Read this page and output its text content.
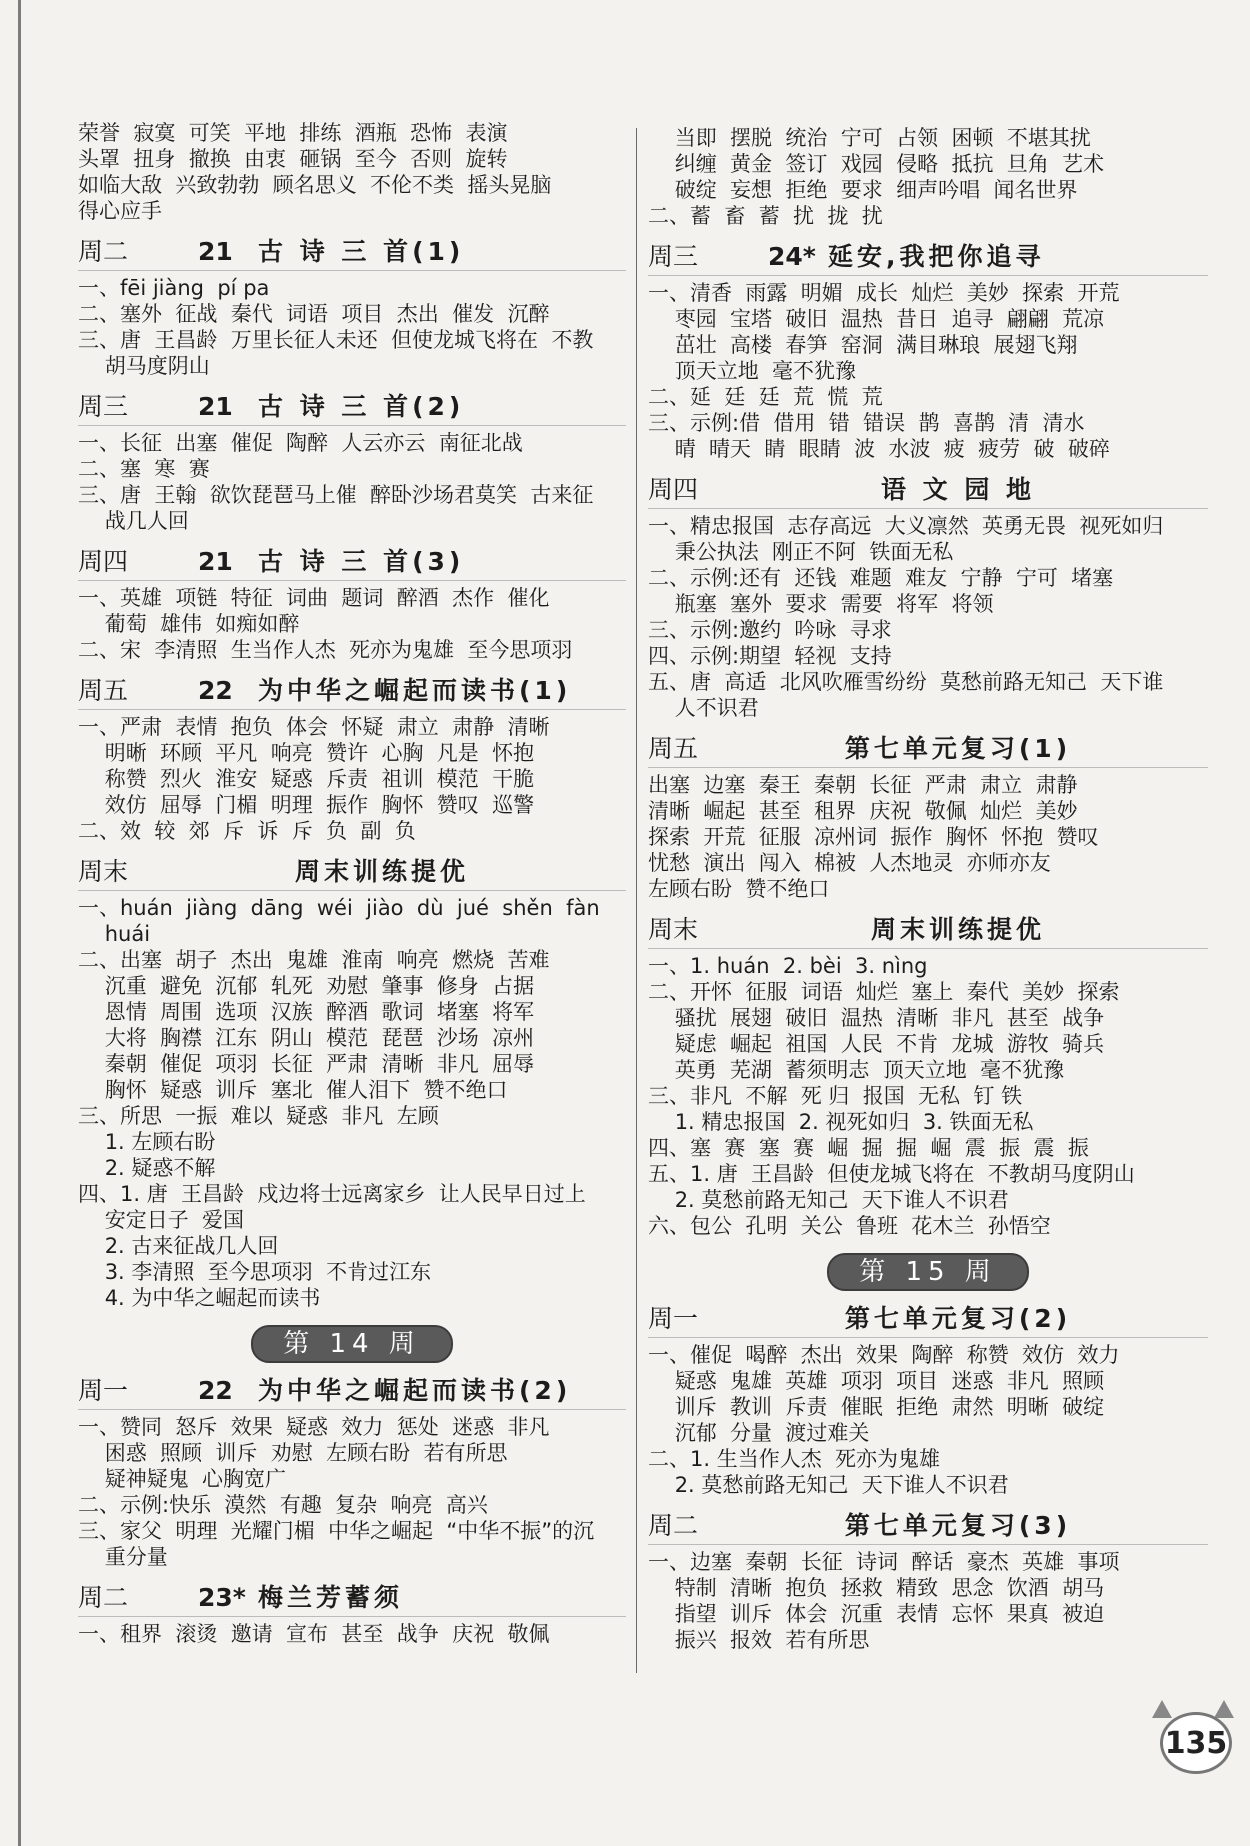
荣誉  寂寞  可笑  平地  排练  酒瓶  恐怖  表演
头罩  扭身  撤换  由衷  砸锅  至今  否则  旋转
如临大敌  兴致勃勃  顾名思义  不伦不类  摇头晃脑
得心应手
周二	21	古 诗 三 首(1)
一、fēi jiàng  pí pa
二、塞外  征战  秦代  词语  项目  杰出  催发  沉醉
三、唐  王昌龄  万里长征人未还  但使龙城飞将在  不教
胡马度阴山
周三	21	古 诗 三 首(2)
一、长征  出塞  催促  陶醉  人云亦云  南征北战
二、塞  寒  赛
三、唐  王翰  欲饮琵琶马上催  醉卧沙场君莫笑  古来征
战几人回
周四	21	古 诗 三 首(3)
一、英雄  项链  特征  词曲  题词  醉酒  杰作  催化
葡萄  雄伟  如痴如醉
二、宋  李清照  生当作人杰  死亦为鬼雄  至今思项羽
周五	22	为中华之崛起而读书(1)
一、严肃  表情  抱负  体会  怀疑  肃立  肃静  清晰
明晰  环顾  平凡  响亮  赞许  心胸  凡是  怀抱
称赞  烈火  淮安  疑惑  斥责  祖训  模范  干脆
效仿  屈辱  门楣  明理  振作  胸怀  赞叹  巡警
二、效  较  郊  斥  诉  斥  负  副  负
周末	周末训练提优
一、huán  jiàng  dāng  wéi  jiào  dù  jué  shěn  fàn
huái
二、出塞  胡子  杰出  鬼雄  淮南  响亮  燃烧  苦难
沉重  避免  沉郁  轧死  劝慰  肇事  修身  占据
恩情  周围  选项  汉族  醉酒  歌词  堵塞  将军
大将  胸襟  江东  阴山  模范  琵琶  沙场  凉州
秦朝  催促  项羽  长征  严肃  清晰  非凡  屈辱
胸怀  疑惑  训斥  塞北  催人泪下  赞不绝口
三、所思  一振  难以  疑惑  非凡  左顾
1. 左顾右盼
2. 疑惑不解
四、1. 唐  王昌龄  戍边将士远离家乡  让人民早日过上
安定日子  爱国
2. 古来征战几人回
3. 李清照  至今思项羽  不肯过江东
4. 为中华之崛起而读书
第 14 周
周一	22	为中华之崛起而读书(2)
一、赞同  怒斥  效果  疑惑  效力  惩处  迷惑  非凡
困惑  照顾  训斥  劝慰  左顾右盼  若有所思
疑神疑鬼  心胸宽广
二、示例:快乐  漠然  有趣  复杂  响亮  高兴
三、家父  明理  光耀门楣  中华之崛起  “中华不振”的沉
重分量
周二	23* 梅兰芳蓄须
一、租界  滚烫  邀请  宣布  甚至  战争  庆祝  敬佩
当即  摆脱  统治  宁可  占领  困顿  不堪其扰
纠缠  黄金  签订  戏园  侵略  抵抗  旦角  艺术
破绽  妄想  拒绝  要求  细声吟唱  闻名世界
二、蓄  畜  蓄  扰  拢  扰
周三	24* 延安,我把你追寻
一、清香  雨露  明媚  成长  灿烂  美妙  探索  开荒
枣园  宝塔  破旧  温热  昔日  追寻  翩翩  荒凉
茁壮  高楼  春笋  窑洞  满目琳琅  展翅飞翔
顶天立地  毫不犹豫
二、延  廷  廷  荒  慌  荒
三、示例:借  借用  错  错误  鹊  喜鹊  清  清水
晴  晴天  睛  眼睛  波  水波  疲  疲劳  破  破碎
周四	语 文 园 地
一、精忠报国  志存高远  大义凛然  英勇无畏  视死如归
秉公执法  刚正不阿  铁面无私
二、示例:还有  还钱  难题  难友  宁静  宁可  堵塞
瓶塞  塞外  要求  需要  将军  将领
三、示例:邀约  吟咏  寻求
四、示例:期望  轻视  支持
五、唐  高适  北风吹雁雪纷纷  莫愁前路无知己  天下谁
人不识君
周五	第七单元复习(1)
出塞  边塞  秦王  秦朝  长征  严肃  肃立  肃静
清晰  崛起  甚至  租界  庆祝  敬佩  灿烂  美妙
探索  开荒  征服  凉州词  振作  胸怀  怀抱  赞叹
忧愁  演出  闯入  棉被  人杰地灵  亦师亦友
左顾右盼  赞不绝口
周末	周末训练提优
一、1. huán  2. bèi  3. nìng
二、开怀  征服  词语  灿烂  塞上  秦代  美妙  探索
骚扰  展翅  破旧  温热  清晰  非凡  甚至  战争
疑虑  崛起  祖国  人民  不肯  龙城  游牧  骑兵
英勇  芜湖  蓄须明志  顶天立地  毫不犹豫
三、非凡  不解  死 归  报国  无私  钉 铁
1. 精忠报国  2. 视死如归  3. 铁面无私
四、塞  赛  塞  赛  崛  掘  掘  崛  震  振  震  振
五、1. 唐  王昌龄  但使龙城飞将在  不教胡马度阴山
2. 莫愁前路无知己  天下谁人不识君
六、包公  孔明  关公  鲁班  花木兰  孙悟空
第 15 周
周一	第七单元复习(2)
一、催促  喝醉  杰出  效果  陶醉  称赞  效仿  效力
疑惑  鬼雄  英雄  项羽  项目  迷惑  非凡  照顾
训斥  教训  斥责  催眠  拒绝  肃然  明晰  破绽
沉郁  分量  渡过难关
二、1. 生当作人杰  死亦为鬼雄
2. 莫愁前路无知己  天下谁人不识君
周二	第七单元复习(3)
一、边塞  秦朝  长征  诗词  醉话  豪杰  英雄  事项
特制  清晰  抱负  拯救  精致  思念  饮酒  胡马
指望  训斥  体会  沉重  表情  忘怀  果真  被迫
振兴  报效  若有所思
135
